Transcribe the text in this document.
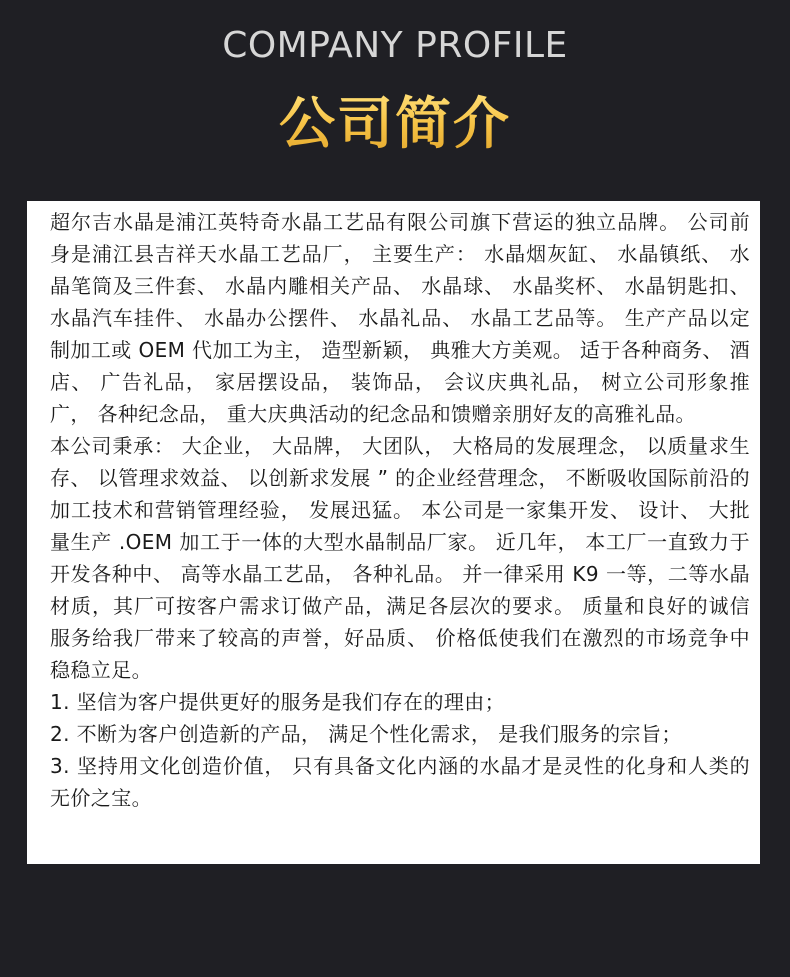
COMPANY PROFILE
公司简介

超尔吉水晶是浦江英特奇水晶工艺品有限公司旗下营运的独立品牌。 公司前身是浦江县吉祥天水晶工艺品厂， 主要生产： 水晶烟灰缸、 水晶镇纸、 水晶笔筒及三件套、 水晶内雕相关产品、 水晶球、 水晶奖杯、 水晶钥匙扣、 水晶汽车挂件、 水晶办公摆件、 水晶礼品、 水晶工艺品等。 生产产品以定制加工或 OEM 代加工为主， 造型新颖， 典雅大方美观。 适于各种商务、 酒店、 广告礼品， 家居摆设品， 装饰品， 会议庆典礼品， 树立公司形象推广， 各种纪念品， 重大庆典活动的纪念品和馈赠亲朋好友的高雅礼品。

本公司秉承： 大企业， 大品牌， 大团队， 大格局的发展理念， 以质量求生存、 以管理求效益、 以创新求发展 ” 的企业经营理念， 不断吸收国际前沿的加工技术和营销管理经验， 发展迅猛。 本公司是一家集开发、 设计、 大批量生产 .OEM 加工于一体的大型水晶制品厂家。 近几年， 本工厂一直致力于开发各种中、 高等水晶工艺品， 各种礼品。 并一律采用 K9 一等，二等水晶材质，其厂可按客户需求订做产品，满足各层次的要求。 质量和良好的诚信服务给我厂带来了较高的声誉，好品质、 价格低使我们在激烈的市场竞争中稳稳立足。

1. 坚信为客户提供更好的服务是我们存在的理由；

2. 不断为客户创造新的产品， 满足个性化需求， 是我们服务的宗旨；

3. 坚持用文化创造价值， 只有具备文化内涵的水晶才是灵性的化身和人类的无价之宝。
